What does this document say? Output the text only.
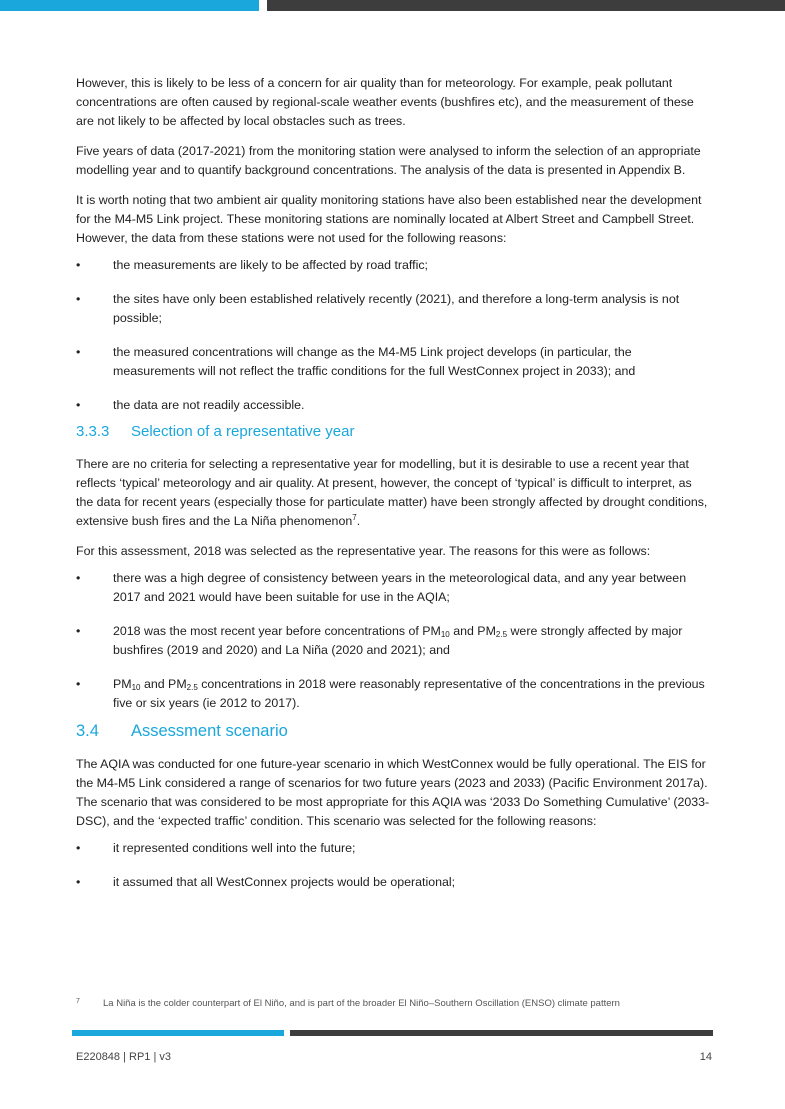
However, this is likely to be less of a concern for air quality than for meteorology. For example, peak pollutant concentrations are often caused by regional-scale weather events (bushfires etc), and the measurement of these are not likely to be affected by local obstacles such as trees.

Five years of data (2017-2021) from the monitoring station were analysed to inform the selection of an appropriate modelling year and to quantify background concentrations. The analysis of the data is presented in Appendix B.

It is worth noting that two ambient air quality monitoring stations have also been established near the development for the M4-M5 Link project. These monitoring stations are nominally located at Albert Street and Campbell Street. However, the data from these stations were not used for the following reasons:

•	the measurements are likely to be affected by road traffic;
•	the sites have only been established relatively recently (2021), and therefore a long-term analysis is not possible;
•	the measured concentrations will change as the M4-M5 Link project develops (in particular, the measurements will not reflect the traffic conditions for the full WestConnex project in 2033); and
•	the data are not readily accessible.
3.3.3 Selection of a representative year

There are no criteria for selecting a representative year for modelling, but it is desirable to use a recent year that reflects ‘typical’ meteorology and air quality. At present, however, the concept of ‘typical’ is difficult to interpret, as the data for recent years (especially those for particulate matter) have been strongly affected by drought conditions, extensive bush fires and the La Niña phenomenon$^7$.

For this assessment, 2018 was selected as the representative year. The reasons for this were as follows:

•	there was a high degree of consistency between years in the meteorological data, and any year between 2017 and 2021 would have been suitable for use in the AQIA;
•	2018 was the most recent year before concentrations of $PM_{10}$ and $PM_{2.5}$ were strongly affected by major bushfires (2019 and 2020) and La Niña (2020 and 2021); and
•	$PM_{10}$ and $PM_{2.5}$ concentrations in 2018 were reasonably representative of the concentrations in the previous five or six years (ie 2012 to 2017).
3.4 Assessment scenario

The AQIA was conducted for one future-year scenario in which WestConnex would be fully operational. The EIS for the M4-M5 Link considered a range of scenarios for two future years (2023 and 2033) (Pacific Environment 2017a). The scenario that was considered to be most appropriate for this AQIA was ‘2033 Do Something Cumulative’ (2033-DSC), and the ‘expected traffic’ condition. This scenario was selected for the following reasons:

•	it represented conditions well into the future;
•	it assumed that all WestConnex projects would be operational;
7 La Niña is the colder counterpart of El Niño, and is part of the broader El Niño–Southern Oscillation (ENSO) climate pattern
E220848 | RP1 | v3	14
